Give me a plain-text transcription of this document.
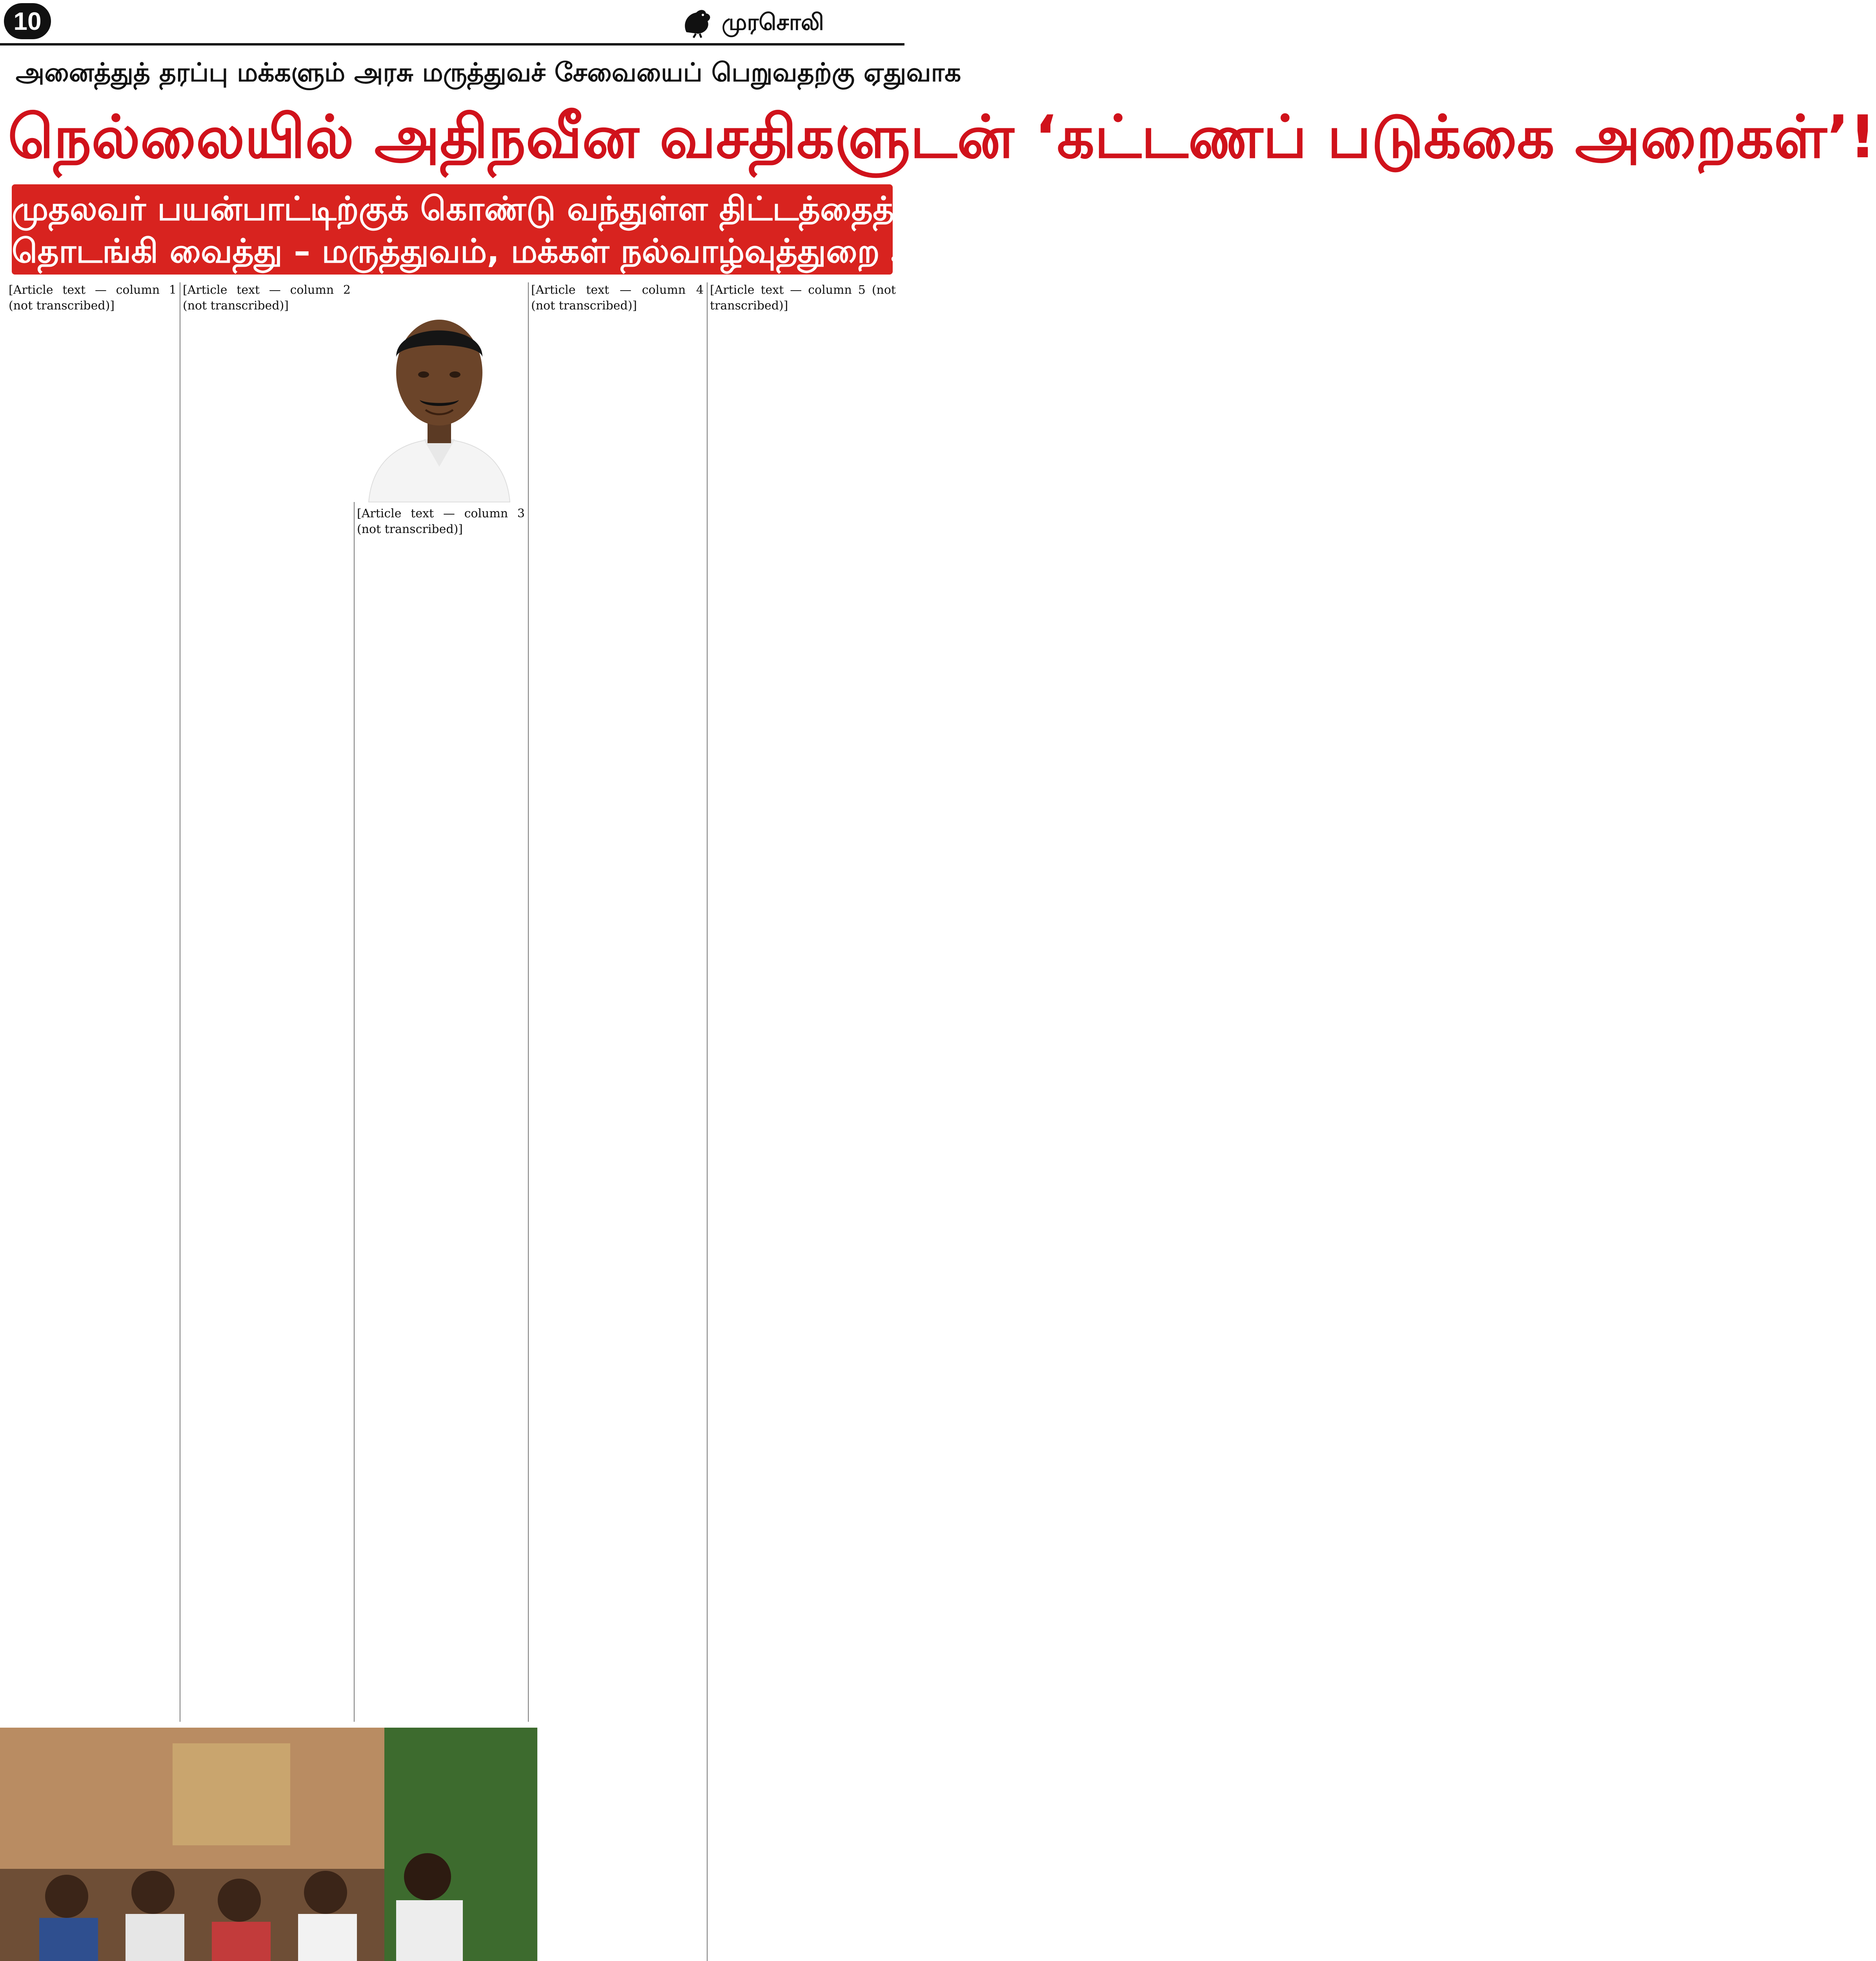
10	முரசொலி
அனைத்துத் தரப்பு மக்களும் அரசு மருத்துவச் சேவையைப் பெறுவதற்கு ஏதுவாக
நெல்லையில் அதிநவீன வசதிகளுடன் ‘கட்டணப் படுக்கை அறைகள்’!
முதலவர் பயன்பாட்டிற்குக் கொண்டு வந்துள்ள திட்டத்தைத்
தொடங்கி வைத்து – மருத்துவம், மக்கள் நல்வாழ்வுத்துறை அமைச்சர் பேச்சு!
[Article text — column 1 (not transcribed)]
[Article text — column 2 (not transcribed)]
[Article text — column 3 (not transcribed)]
[Article text — column 4 (not transcribed)]
[Article text — column 5 (not transcribed)]
